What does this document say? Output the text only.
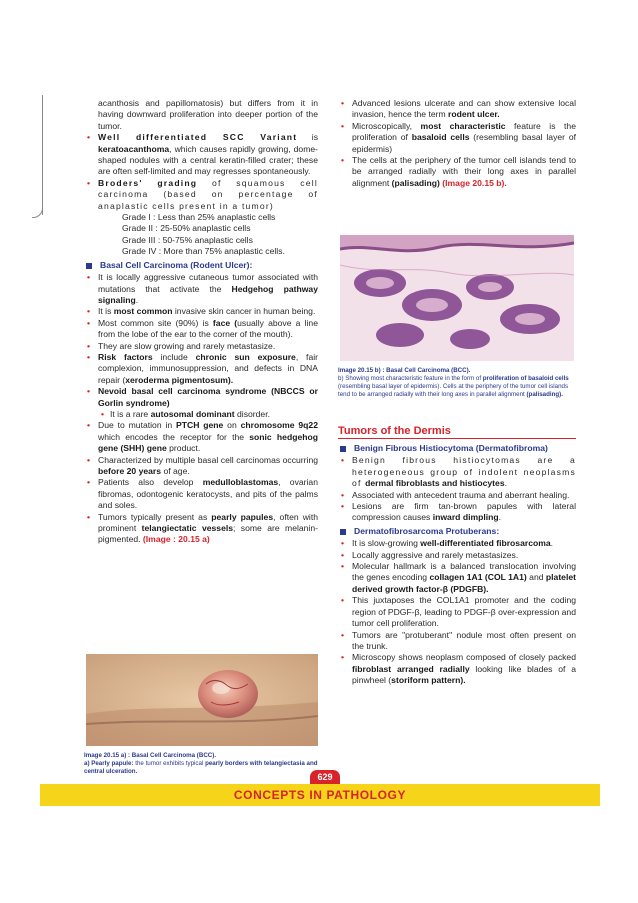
acanthosis and papillomatosis) but differs from it in having downward proliferation into deeper portion of the tumor.
• Well differentiated SCC Variant is keratoacanthoma, which causes rapidly growing, dome-shaped nodules with a central keratin-filled crater; these are often self-limited and may regresses spontaneously.
• Broders' grading of squamous cell carcinoma (based on percentage of anaplastic cells present in a tumor)
Grade I : Less than 25% anaplastic cells
Grade II : 25-50% anaplastic cells
Grade III : 50-75% anaplastic cells
Grade IV : More than 75% anaplastic cells.
Basal Cell Carcinoma (Rodent Ulcer):
• It is locally aggressive cutaneous tumor associated with mutations that activate the Hedgehog pathway signaling.
• It is most common invasive skin cancer in human being.
• Most common site (90%) is face (usually above a line from the lobe of the ear to the corner of the mouth).
• They are slow growing and rarely metastasize.
• Risk factors include chronic sun exposure, fair complexion, immunosuppression, and defects in DNA repair (xeroderma pigmentosum).
• Nevoid basal cell carcinoma syndrome (NBCCS or Gorlin syndrome)
• It is a rare autosomal dominant disorder.
• Due to mutation in PTCH gene on chromosome 9q22 which encodes the receptor for the sonic hedgehog gene (SHH) gene product.
• Characterized by multiple basal cell carcinomas occurring before 20 years of age.
• Patients also develop medulloblastomas, ovarian fibromas, odontogenic keratocysts, and pits of the palms and soles.
• Tumors typically present as pearly papules, often with prominent telangiectatic vessels; some are melanin-pigmented. (Image : 20.15 a)
Image 20.15 a) : Basal Cell Carcinoma (BCC).
a) Pearly papule: the tumor exhibits typical pearly borders with telangiectasia and central ulceration.
• Advanced lesions ulcerate and can show extensive local invasion, hence the term rodent ulcer.
• Microscopically, most characteristic feature is the proliferation of basaloid cells (resembling basal layer of epidermis)
• The cells at the periphery of the tumor cell islands tend to be arranged radially with their long axes in parallel alignment (palisading) (Image 20.15 b).
Image 20.15 b) : Basal Cell Carcinoma (BCC).
b) Showing most characteristic feature in the form of proliferation of basaloid cells (resembling basal layer of epidermis). Cells at the periphery of the tumor cell islands tend to be arranged radially with their long axes in parallel alignment (palisading).
Tumors of the Dermis
Benign Fibrous Histiocytoma (Dermatofibroma)
• Benign fibrous histiocytomas are a heterogeneous group of indolent neoplasms of dermal fibroblasts and histiocytes.
• Associated with antecedent trauma and aberrant healing.
• Lesions are firm tan-brown papules with lateral compression causes inward dimpling.
Dermatofibrosarcoma Protuberans:
• It is slow-growing well-differentiated fibrosarcoma.
• Locally aggressive and rarely metastasizes.
• Molecular hallmark is a balanced translocation involving the genes encoding collagen 1A1 (COL 1A1) and platelet derived growth factor-β (PDGFB).
• This juxtaposes the COL1A1 promoter and the coding region of PDGF-β, leading to PDGF-β over-expression and tumor cell proliferation.
• Tumors are "protuberant" nodule most often present on the trunk.
• Microscopy shows neoplasm composed of closely packed fibroblast arranged radially looking like blades of a pinwheel (storiform pattern).
629
CONCEPTS IN PATHOLOGY
